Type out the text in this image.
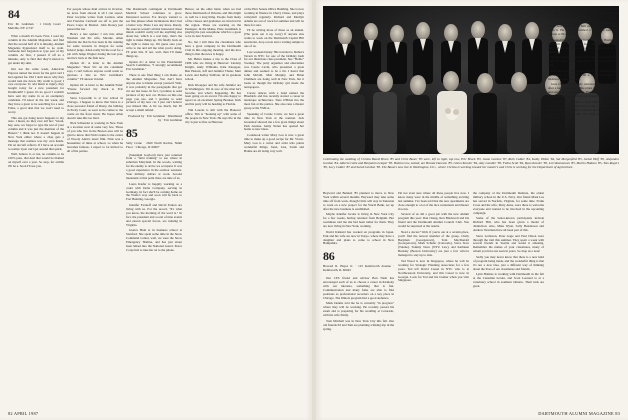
84
Eric M. Grubman · 1 Cindy Court · Melville, NY 11747

What a month it's been. First, I read my column in the Alumni Magazine, and find that the second half of it is missing. Alumni Magazine hypnotized itself to no avail. Someone had forgotten to type part of my column. At first, I paused if off as a mistake, only to find that they'd started to get under my skin.

Our use the same week, American Express turned me down for the gold card I had applied for. Did I don't know why they would turn me down. My credit is good; I owe everyone. To add insult to injury, they bought today for a new president for Dartmouth? I guess it's no good I couldn't have sent my name in as an exemplary candidate. I'll know in the last week, and they have a great to be searching for a new. Folks, a good deal that we won't need to worry.

This one got doing never happens to my taste. I mean, do they ever tell her: "Oooh, hey, sure, we forgot to type the rest of your column and it was just the mention of the Buzzer." I think not. It doesn't happen in New York either where a chap gets a message that realizes was my own hands. I'm an aircraft reflects. If I have an account to realize I just can't get around that quick.

Well, believe it, or not, no column, to be 100% pure, that deal that would be blamed on myself over a year. So stop, for awhile it'll be a. Soon I'll see you.

For people whose mail arrives in October, no news from abroad is all I can report. Peter Gwynne writes from London. Alan and Francine Cantwell are off to join the Peace Corps in Malawi. John Dorsey just passed the bar.

Here's a late update: I run into Allen Wasman and his wife, Maxine. Allen informs me that he has been in the running for some lawsuits in Oregon for some federal judge. Allen really hit the road for a job with Judge Wagner during the last year, and he's back at the firm now.

Option #1: A letter to the Alumni Magazine: "Dear Sir: As the columnist says, I can't believe anyone could resist so glorious a title as 'Eric Grubman's column.'" I'll answer in kind.

Option #2: A letter to the Alumni Fund: "Please forward my check to Eric Grubman."

Steve Lipscomb is at law school in Chicago. I happen to know that Steve is a close personal friend of Rusty, the bulldog in Pretty Court, as soon as he comes to the castle on the front street. He hopes Allen doesn't take this too hard.

Nick Schneider is working in New York at a location west of some very few. Those of you who live in the Boston area will be glad to know that Nick's name is the center of Woody Allen's latest film. Nick was a housemate of mine at school, so when he becomes famous, I expect to be invited to all of his parties.

The Dartmouth contingent at Dartmouth Medical School continues to grow. Interested sources I've always wanted to see fine phases when inclinations that I had a better way. There I see any more. Rarely, the sources weren't all that interested; these minds couldn't really tell me anything else about her, which is a real help, that's the right to make things up. I'm finally back on the right to make up. I'm guess sure your write to me and tell me what you're doing. I'll print this. If not, well, then I'll make things up.

Option #1: A letter to the Presidential Search Committee, "I strongly recommend Eric Grubman."

There is one final thing I can blame on the Alumni Magazine. You don't have anyone else to blame except yourself. Wait, it was probably in the paragraphs that got cut out last issue. In fact, I promise to send pictures of my new car. Picture on this one page you use, and I promise to send pictures of my new car. I just can't believe you missed this. A bit too much, but I'll accept a small refund.

Produced by · Eric Grubman · Distributed by · Eric Grubman

85
Sally Crane · 2620 North Racine, Ninth Floor · Chicago, IL 60607

(Susannah Gaylord) have just returned from a "field training" to see where in suburban Maryland. In the woods, waiting for the enemy to arrive we occupied. It was a good experience in the outdoor sessions. Your military dollars at work. Second lieutenant at this point there are nine of us.

Laura Kiefer is happily working as a cadet with Delta Company, serving in Germany. In fact she'll be coming home on the Wolfe's way and soon will be back to Fort Benning, Georgia.

Jennifer Evanoff and David Fenton are living with us. For the record, "It's what you know, the morning of the word is." In fact, the president and a total of nine events and eleven special forces, are training in Virginia.

Jessica Hunt is in business school at Stanford. She spent some time in the Snow Command Center, well, we were the Snow Emergency Hotline, and has just about been talked into the National Guard. Peace Corps had to take her on to the phone.

Before, on the other hand, when we had those Dartmouth of Orleans, and this might as well be a long thing. People from many of the classes and graduates are involved in the region. These are working on the Pentagon. In the Maine, Elsie Lundmark is playing the jazz saxophone which is a great to be in Jazz Festival.

No, but I still miss the classmates who have a great company in the Dartmouth Club in this ongoing meeting, and the nice thing is that the news is happy.

Mr. Heller makes a trip to the Class of 1986 who are living in Hanover: Lindsay Knight, Andy Williams, Kirk Kloepper, Ben Hazard, Jeff and Jennifer Thaler, Matt Lewis and Kelley Sullivan, all in graduate school.

Kirk Kloepper and his wife Jennifer are in Washington. I'm in awe of the man he's become, and what's happening. He has been going on an award. I'm also happy to report as an excellent Spring Breaker. Kirk and his party will be heading to Florida.

Tim Loucks is still with the Hanover office. Tim is "hooking up" with some of the people in New York. He says life in the city is just as fine as Hanover.

of the Hart Senate Office Building. She is now working in finance in Chevy Chase, and plays volleyball regularly. Richard and Marilyn Adams are out of town for summer and will be there for sure.

I'll be writing more of these as an annual. (The press out it up, Gary) If anyone else wants to work on the Dartmouth Capital Hill newsletter, drop a note and a writing sample to one of us.

Last weekend many '86s traveled to Dulles's Tavern in NYC for one of the birthday bash for our illustrious class president, Sue "Hollie" Toomey. The party organizer and entertainer was Carole Cavin, who presented a great dinner and seemed to be a hit. I heard that John McGill, Matt Murphy, and Brian Chalmers are doing well in New York, but it looks as though the birthday girl made the newspapers.

Carole dances with a band named the Bluebirds and has recently started a career in landscape architecture. Tiare O'Brien has the most fun at the parties. She also runs a theater group at the YMCA.

Speaking of Carole Cavin, we had a great time in New York at the reunion. Jack Greenleaf showed me a few great things about Park Avenue. Jenny Nolan has opened her home to new ideas.

Cookbook writer Mary Lou is now a great time to make up a good recipe for Mr. Vlasic. Mary Lou is a writer and artist who paints wonderful things. Janet, Lisa, Sarah and Hanna are all doing very well.

82 APRIL 1987
Celebrating the wedding of Christa Beard Bruce '85 and Chris Bauer '85 were, left to right, top row, Eric Brock '83, Jason Gordon '87, Ruth Calder '84, Kathy Tilden '84, Sai Morgenfeld '85, Jackie Huff '85, Alejandro Gordon '84, Alberto Caliz and Benjamin Lemper '85. Bottom row, seated, are Brooke Dawson '85, Glenn Kessler '84, Amy Gendler '85, Fedra Scott '84, Ryan Kessler '85, Lori Rasmussen '85, Martin Hudson '85, Tom Rogers '85, Lucy Calder '87 and Sarah Gordon '85. The Bauers now live in Washington, D.C., where Christa is working toward her master's and Chris is working for the Department of Agriculture.

Heyward and Bennett '85 planned to move to New York within several months. Heyward may take some time off from work, though Chris will stay in Tanzania to work on a new project for the World Bank, set up after the new business is established.

Maybe Jennifer Jacobs is living in New York City for a few weeks, having returned from Belgium. Her roommate told me she had been rather for them. They are now living in New York, working.

David Kinkaid has worked on programs in Japan. Erik and his wife are now in Tokyo, where they have a daughter and plans to come to school in New Hampshire.

86
Howard R. Hayes Jr. · 125 Kenilworth Avenue · Kenilworth, IL 60043

Our CES friend and advisor Bart Nash has encouraged each of us to choose a career in harmony with our interests, something that is fun. Communication and many folks are able to find positions as professional recorders on a key place in Chicago. The Illinois program had a good audience.

Mark Dennis told me he is currently "in progress" where they will be working. He recently passed his exam and is preparing for his wedding at Colorado, with his wife Emily.

Tom Mitchell was in New York City this fall. Our old friends Ed and Tom are planning a hiking trip in the spring.

I'm not even sure where all these people live now. I know many were in the middle of something exciting last summer. I've been told that the new apartments are close enough to a lot of the nice restaurants and theater in town.

Several of us did a good job with the new alumni program this year: Dan Chang, Ron Blackwell and his friend and the Dartmouth Alumni Council Club. You would be surprised at the results.

Need a doctor? Well, if you're out at a certain place, you'll find the newest member of the group, Cindy Bergman (Georgetown), Tom MacDonald (Georgetown), Mark Schuler (Colorado), Steve Staw (Tulane), Tommy Terzo (NYU Law), and Kathleen Buckley (Boston University) are just a few who've managed to stay up to date.

Ted Wood is now in Singapore, where he will be working for Strategic Planning Associates for a few years. Ted left David Cassel in NYC who is at Northwestern University, and Jim Cassel is now in Georgia. Look for Ted and his brother when you visit Singapore.

the company of the Dartmouth Institute, the oldest military school in the U.S. Navy. Our friend Mark Lee has served in Norfolk, Virginia, for some time. Frank Cross and his wife, Mary Anne, were there to welcome everyone and wanted to be involved in the upcoming campaign.

Some of the better-known participants include Richard Hill, who has been given a medal of distinction. Also, Mike Wyatt, Sally Henderson and Andrew Newman have all been part of this.

Steve Levinson, Peter Gage and Paul Dixon were through the trail this summer. They spent a week with several friends in Seattle and found it amazing. Remember the names of your classmates, many of whom you have not seen in years. So drop us a note!

Sadly you may never know that there is a new kind of program being made, and the wonderful thing is that it's not a new idea, just a different way of thinking about the lives of our classmates and friends.

Lynn Holmes is working with Dartmouth in the fall at the Canadian border, and Scott Leonard is at a veterinary school in southern Ontario. Their kids are great.

Davis as President. If you live in New York City, Kevin Davis is now working for Bear Stearns. He works long hours but seems to enjoy it.

Kirk LeCompte has been busy in the Boston area. Kirk's new job has kept him away from home but he loves it. He recently finished a long bike tour from Boston to New Orleans.

Meanwhile, his former roommate Tom Harris says Kirk still calls with stories from the road. He's a great guy and we all look forward to seeing him at the reunion.

Bob Lasalle has opened a new restaurant in Hanover, which is doing great. Give Bob a visit if you're in the area.

Kirk Richards has started his own company in the mountains of Vermont with a few classmates. The business makes furniture.

Gina Olszewski recently returned to New York City after a long trip in Asia. She plans to stay in New York and start a new project soon. The Senate Sports Club is holding its annual meeting in February.

So Jenny has become a New Hampshire resident, and she and her husband plan to buy a house there. To no one's surprise, Jenny is already the head of the local ski club, the Dartmouth '86 Club, and loves every minute of it.

DARTMOUTH ALUMNI MAGAZINE 83
